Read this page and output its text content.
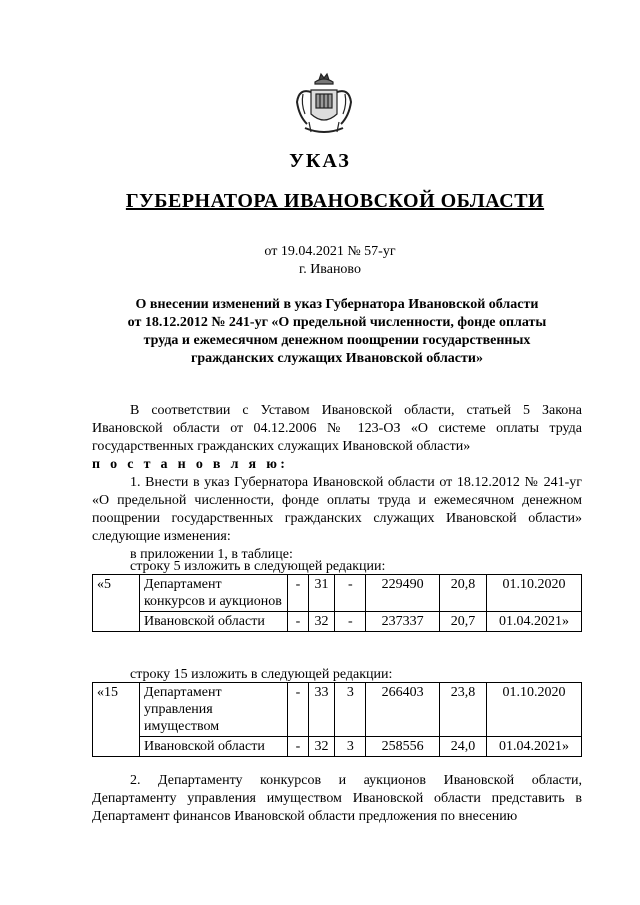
УКАЗ
ГУБЕРНАТОРА ИВАНОВСКОЙ ОБЛАСТИ
от 19.04.2021 № 57-уг
г. Иваново
О внесении изменений в указ Губернатора Ивановской области
от 18.12.2012 № 241-уг «О предельной численности, фонде оплаты
труда и ежемесячном денежном поощрении государственных
гражданских служащих Ивановской области»

В соответствии с Уставом Ивановской области, статьей 5 Закона Ивановской области от 04.12.2006 № 123-ОЗ «О системе оплаты труда государственных гражданских служащих Ивановской области»

п о с т а н о в л я ю:

1. Внести в указ Губернатора Ивановской области от 18.12.2012 № 241-уг «О предельной численности, фонде оплаты труда и ежемесячном денежном поощрении государственных гражданских служащих Ивановской области» следующие изменения:

в приложении 1, в таблице:
строку 5 изложить в следующей редакции:
«5	Департамент конкурсов и аукционов	-	31	-	229490	20,8	01.10.2020
	Ивановской области	-	32	-	237337	20,7	01.04.2021»
строку 15 изложить в следующей редакции:
«15	Департамент управления имуществом	-	33	3	266403	23,8	01.10.2020
	Ивановской области	-	32	3	258556	24,0	01.04.2021»

2. Департаменту конкурсов и аукционов Ивановской области, Департаменту управления имуществом Ивановской области представить в Департамент финансов Ивановской области предложения по внесению
